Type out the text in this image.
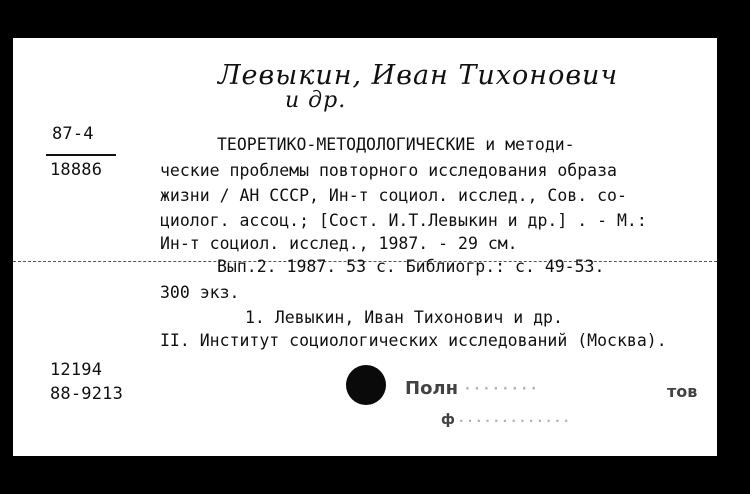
Левыкин, Иван Тихонович
и др.
87-4
18886
ТЕОРЕТИКО-МЕТОДОЛОГИЧЕСКИЕ и методи-
ческие проблемы повторного исследования образа
жизни / АН СССР, Ин-т социол. исслед., Сов. со-
циолог. ассоц.; [Сост. И.Т.Левыкин и др.] . - М.:
Ин-т социол. исслед., 1987. - 29 см.
Вып.2. 1987. 53 с. Библиогр.: с. 49-53.
300 экз.
1. Левыкин, Иван Тихонович и др.
II. Институт социологических исследований (Москва).
12194
88-9213	Полн · · · · · · · ·	тов
ф · · · · · · · · · · · · ·
